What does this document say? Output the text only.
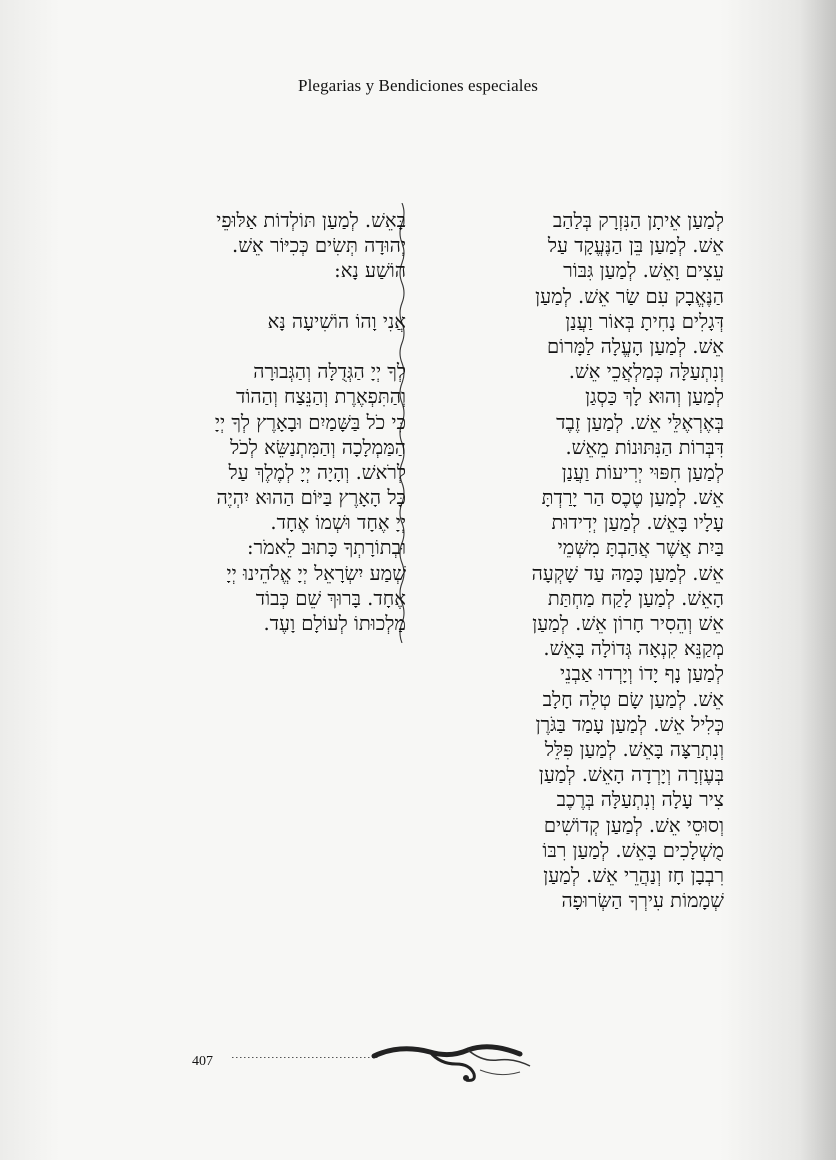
Plegarias y Bendiciones especiales
לְמַעַן אֵיתָן הַנִּזְרָק בְּלַהַב
אֵשׁ. לְמַעַן בֵּן הַנֶּעֱקָד עַל
עֵצִים וָאֵשׁ. לְמַעַן גִּבּוֹר
הַנֶּאֱבָק עִם שַׂר אֵשׁ. לְמַעַן
דְּגָלִים נָחִיתָ בְּאוֹר וַעֲנַן
אֵשׁ. לְמַעַן הָעֱלָה לַמָּרוֹם
וְנִתְעַלָּה כְּמַלְאֲכֵי אֵשׁ.
לְמַעַן וְהוּא לָךְ כַּסְגַן
בְּאֶרְאֶלֵּי אֵשׁ. לְמַעַן זֶבֶד
דִּבְּרוֹת הַנִּתּוּנוֹת מֵאֵשׁ.
לְמַעַן חִפּוּי יְרִיעוֹת וַעֲנַן
אֵשׁ. לְמַעַן טֶכֶס הַר יָרַדְתָּ
עָלָיו בָּאֵשׁ. לְמַעַן יְדִידוּת
בַּיִת אֲשֶׁר אֲהַבְתָּ מִשְּׁמֵי
אֵשׁ. לְמַעַן כָּמַהּ עַד שָׁקְעָה
הָאֵשׁ. לְמַעַן לָקַח מַחְתַּת
אֵשׁ וְהֵסִיר חָרוֹן אֵשׁ. לְמַעַן
מְקַנֵּא קִנְאָה גְּדוֹלָה בָּאֵשׁ.
לְמַעַן נָף יָדוֹ וְיָרְדוּ אַבְנֵי
אֵשׁ. לְמַעַן שָׂם טְלֵה חָלָב
כְּלִיל אֵשׁ. לְמַעַן עָמַד בַּגֹּרֶן
וְנִתְרַצָּה בָּאֵשׁ. לְמַעַן פִּלֵּל
בְּעֶזְרָה וְיָרְדָה הָאֵשׁ. לְמַעַן
צִיר עָלָה וְנִתְעַלָּה בְּרֶכֶב
וְסוּסֵי אֵשׁ. לְמַעַן קְדוֹשִׁים
מֻשְׁלָכִים בָּאֵשׁ. לְמַעַן רִבּוֹ
רִבְבָן חָז וְנַהֲרֵי אֵשׁ. לְמַעַן
שְׁמָמוֹת עִירְךָ הַשְּׂרוּפָה
בָּאֵשׁ. לְמַעַן תּוֹלְדוֹת אַלּוּפֵי
יְהוּדָה תְּשִׂים כְּכִיּוֹר אֵשׁ.
הוֹשַׁע נָא:
אֲנִי וָהוֹ הוֹשִׁיעָה נָּא
לְךָ יְיָ הַגְּדֻלָּה וְהַגְּבוּרָה
וְהַתִּפְאֶרֶת וְהַנֵּצַח וְהַהוֹד
כִּי כֹל בַּשָּׁמַיִם וּבָאָרֶץ לְךָ יְיָ
הַמַּמְלָכָה וְהַמִּתְנַשֵּׂא לְכֹל
לְרֹאשׁ. וְהָיָה יְיָ לְמֶלֶךְ עַל
כָּל הָאָרֶץ בַּיּוֹם הַהוּא יִהְיֶה
יְיָ אֶחָד וּשְׁמוֹ אֶחָד.
וּבְתוֹרָתְךָ כָּתוּב לֵאמֹר:
שְׁמַע יִשְׂרָאֵל יְיָ אֱלֹהֵינוּ יְיָ
אֶחָד. בָּרוּךְ שֵׁם כְּבוֹד
מַלְכוּתוֹ לְעוֹלָם וָעֶד.
407
